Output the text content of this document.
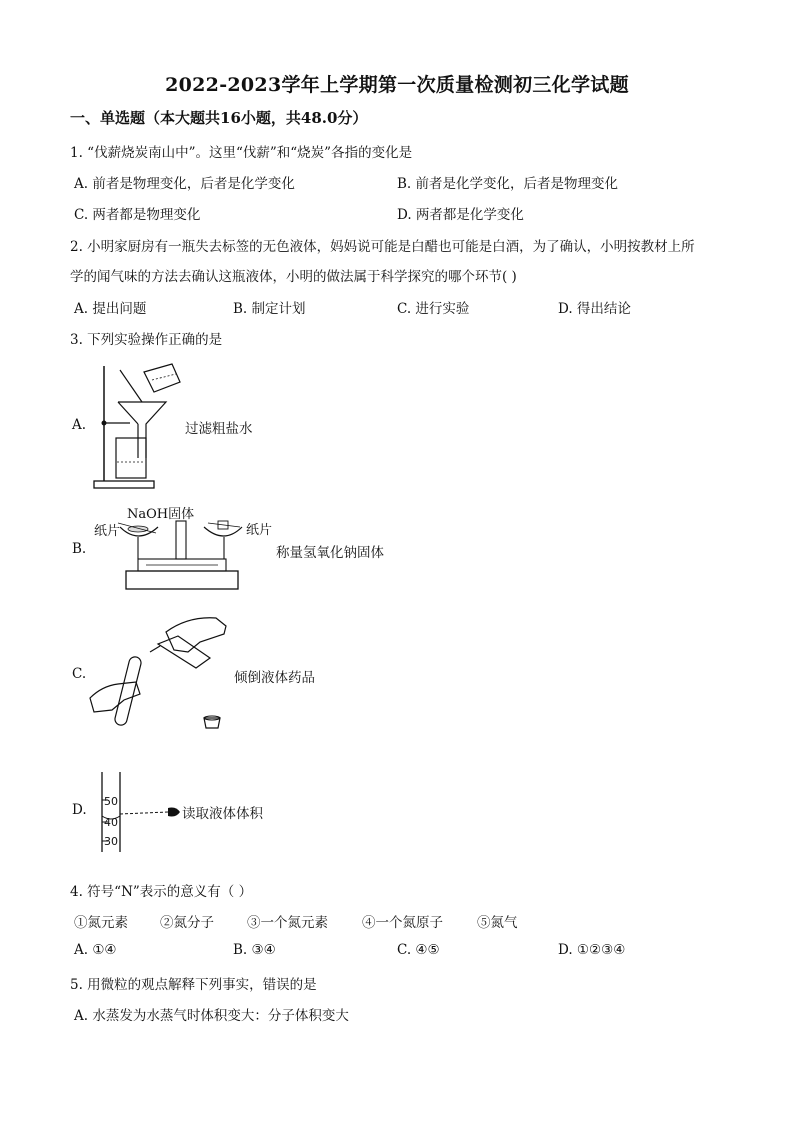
2022-2023学年上学期第一次质量检测初三化学试题
一、单选题（本大题共16小题，共48.0分）
1. “伐薪烧炭南山中”。这里“伐薪”和“烧炭”各指的变化是
A. 前者是物理变化，后者是化学变化	B. 前者是化学变化，后者是物理变化
C. 两者都是物理变化	D. 两者都是化学变化
2. 小明家厨房有一瓶失去标签的无色液体，妈妈说可能是白醋也可能是白酒，为了确认，小明按教材上所
学的闻气味的方法去确认这瓶液体，小明的做法属于科学探究的哪个环节( )
A. 提出问题	B. 制定计划	C. 进行实验	D. 得出结论
3. 下列实验操作正确的是
A.	过滤粗盐水
B.
NaOH固体
纸片	纸片
称量氢氧化钠固体
C.	倾倒液体药品
D.
50
40
30
读取液体体积
4. 符号“N”表示的意义有（ ）
①氮元素 ②氮分子 ③一个氮元素	④一个氮原子	⑤氮气
A. ①④	B. ③④	C. ④⑤	D. ①②③④
5. 用微粒的观点解释下列事实，错误的是
A. 水蒸发为水蒸气时体积变大：分子体积变大
